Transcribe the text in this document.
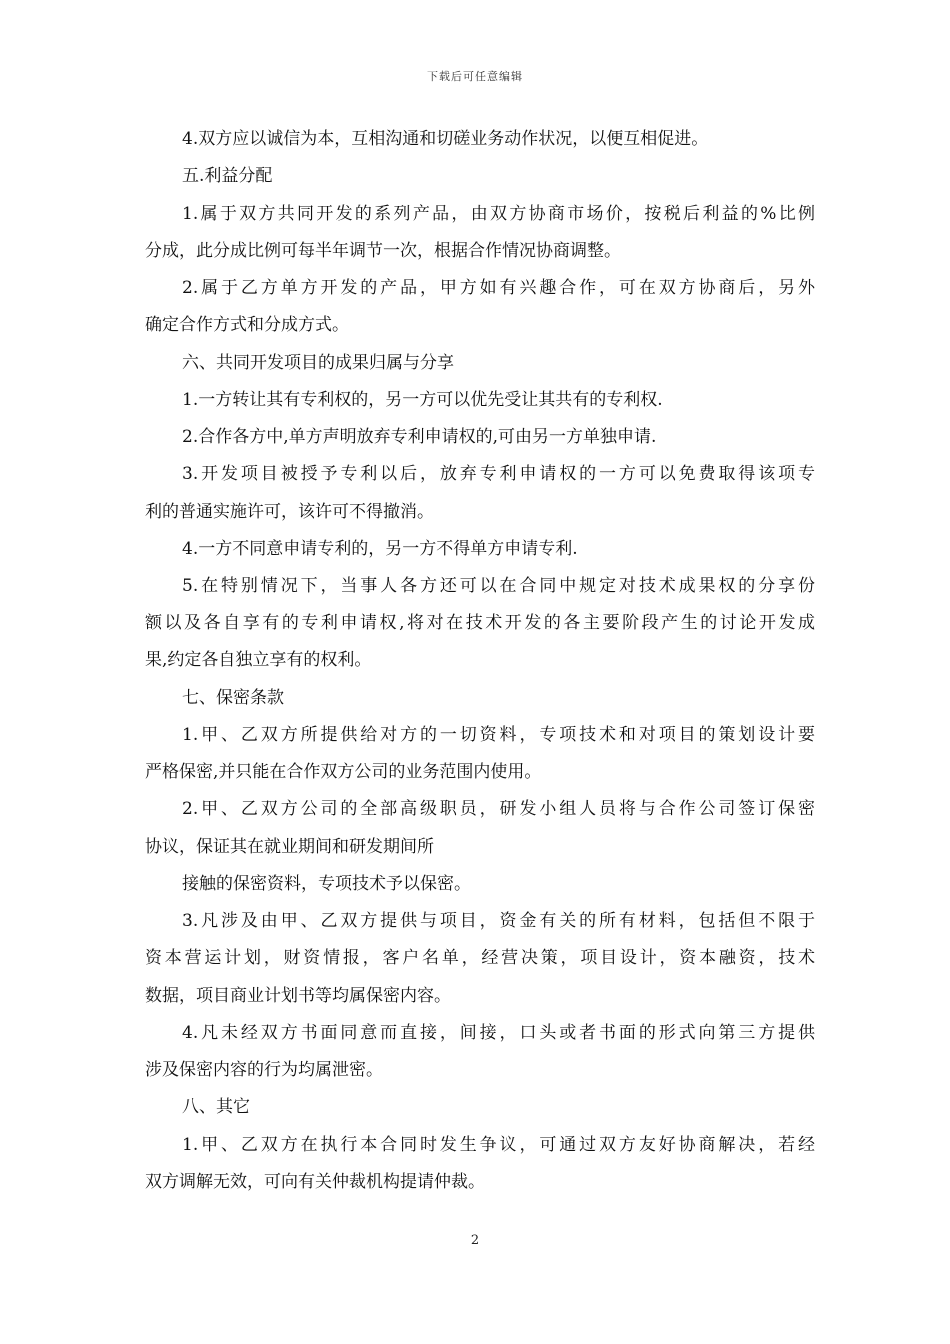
下载后可任意编辑
4.双方应以诚信为本，互相沟通和切磋业务动作状况，以便互相促进。
五.利益分配
1.属于双方共同开发的系列产品，由双方协商市场价，按税后利益的%比例
分成，此分成比例可每半年调节一次，根据合作情况协商调整。
2.属于乙方单方开发的产品，甲方如有兴趣合作，可在双方协商后，另外
确定合作方式和分成方式。
六、共同开发项目的成果归属与分享
1.一方转让其有专利权的，另一方可以优先受让其共有的专利权.
2.合作各方中,单方声明放弃专利申请权的,可由另一方单独申请.
3.开发项目被授予专利以后，放弃专利申请权的一方可以免费取得该项专
利的普通实施许可，该许可不得撤消。
4.一方不同意申请专利的，另一方不得单方申请专利.
5.在特别情况下，当事人各方还可以在合同中规定对技术成果权的分享份
额以及各自享有的专利申请权,将对在技术开发的各主要阶段产生的讨论开发成
果,约定各自独立享有的权利。
七、保密条款
1.甲、乙双方所提供给对方的一切资料，专项技术和对项目的策划设计要
严格保密,并只能在合作双方公司的业务范围内使用。
2.甲、乙双方公司的全部高级职员，研发小组人员将与合作公司签订保密
协议，保证其在就业期间和研发期间所
接触的保密资料，专项技术予以保密。
3.凡涉及由甲、乙双方提供与项目，资金有关的所有材料，包括但不限于
资本营运计划，财资情报，客户名单，经营决策，项目设计，资本融资，技术
数据，项目商业计划书等均属保密内容。
4.凡未经双方书面同意而直接，间接，口头或者书面的形式向第三方提供
涉及保密内容的行为均属泄密。
八、其它
1.甲、乙双方在执行本合同时发生争议，可通过双方友好协商解决，若经
双方调解无效，可向有关仲裁机构提请仲裁。
2
